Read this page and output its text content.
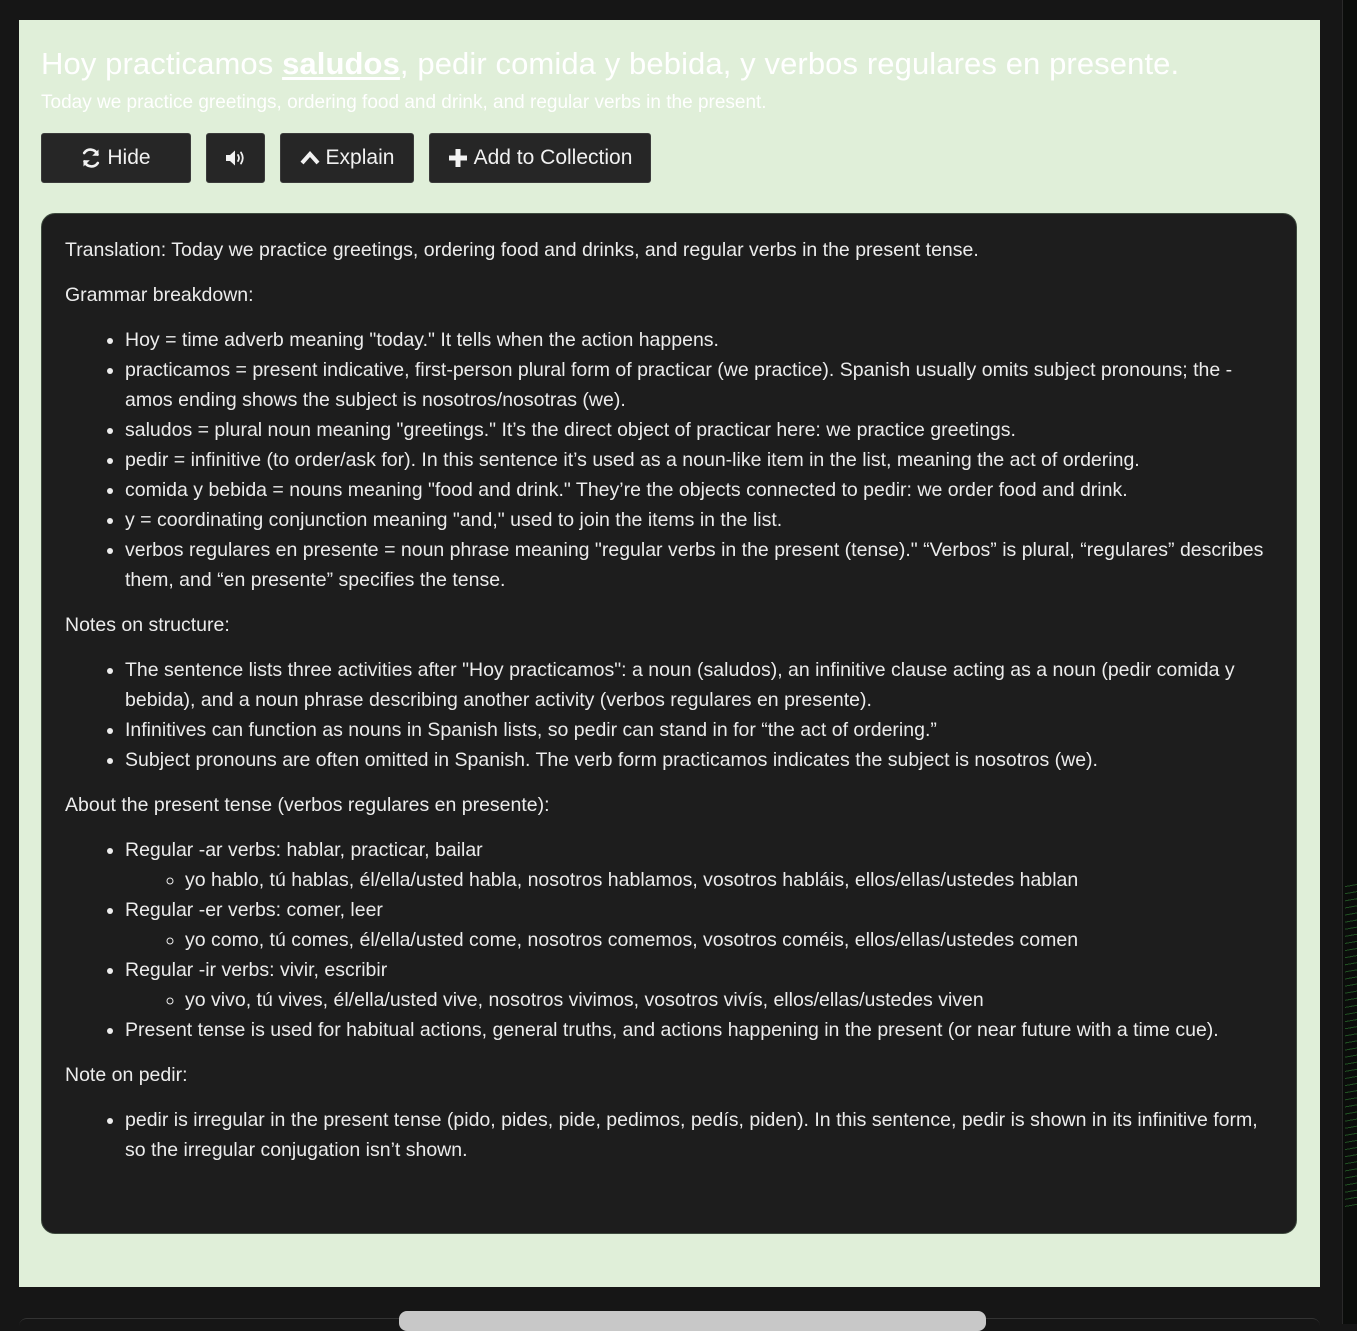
Hoy practicamos saludos, pedir comida y bebida, y verbos regulares en presente.
Today we practice greetings, ordering food and drink, and regular verbs in the present.
Hide	Explain	Add to Collection

Translation: Today we practice greetings, ordering food and drinks, and regular verbs in the present tense.

Grammar breakdown:

• Hoy = time adverb meaning "today." It tells when the action happens.
• practicamos = present indicative, first-person plural form of practicar (we practice). Spanish usually omits subject pronouns; the -amos ending shows the subject is nosotros/nosotras (we).
• saludos = plural noun meaning "greetings." It’s the direct object of practicar here: we practice greetings.
• pedir = infinitive (to order/ask for). In this sentence it’s used as a noun-like item in the list, meaning the act of ordering.
• comida y bebida = nouns meaning "food and drink." They’re the objects connected to pedir: we order food and drink.
• y = coordinating conjunction meaning "and," used to join the items in the list.
• verbos regulares en presente = noun phrase meaning "regular verbs in the present (tense)." “Verbos” is plural, “regulares” describes them, and “en presente” specifies the tense.

Notes on structure:

• The sentence lists three activities after "Hoy practicamos": a noun (saludos), an infinitive clause acting as a noun (pedir comida y bebida), and a noun phrase describing another activity (verbos regulares en presente).
• Infinitives can function as nouns in Spanish lists, so pedir can stand in for “the act of ordering.”
• Subject pronouns are often omitted in Spanish. The verb form practicamos indicates the subject is nosotros (we).

About the present tense (verbos regulares en presente):

• Regular -ar verbs: hablar, practicar, bailar
◦ yo hablo, tú hablas, él/ella/usted habla, nosotros hablamos, vosotros habláis, ellos/ellas/ustedes hablan
• Regular -er verbs: comer, leer
◦ yo como, tú comes, él/ella/usted come, nosotros comemos, vosotros coméis, ellos/ellas/ustedes comen
• Regular -ir verbs: vivir, escribir
◦ yo vivo, tú vives, él/ella/usted vive, nosotros vivimos, vosotros vivís, ellos/ellas/ustedes viven
• Present tense is used for habitual actions, general truths, and actions happening in the present (or near future with a time cue).

Note on pedir:

• pedir is irregular in the present tense (pido, pides, pide, pedimos, pedís, piden). In this sentence, pedir is shown in its infinitive form, so the irregular conjugation isn’t shown.
